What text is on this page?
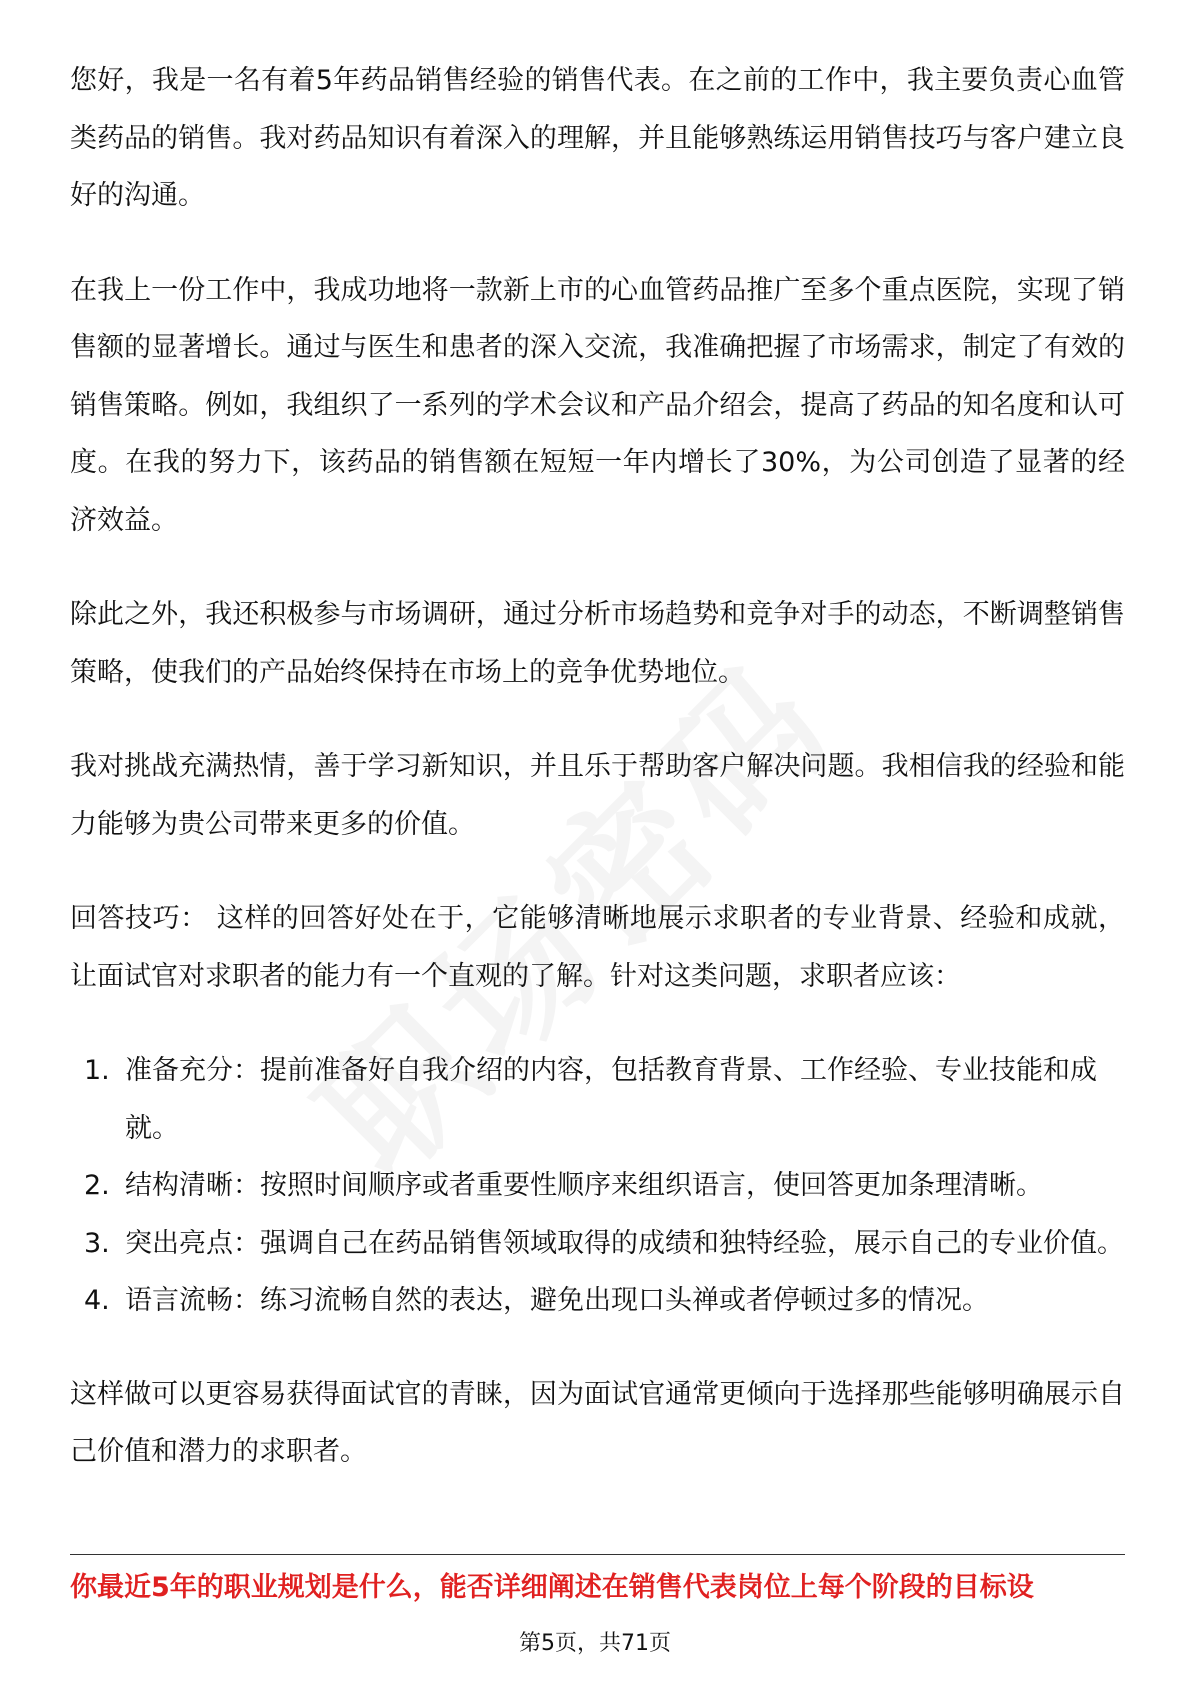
您好，我是一名有着5年药品销售经验的销售代表。在之前的工作中，我主要负责心血管类药品的销售。我对药品知识有着深入的理解，并且能够熟练运用销售技巧与客户建立良好的沟通。

在我上一份工作中，我成功地将一款新上市的心血管药品推广至多个重点医院，实现了销售额的显著增长。通过与医生和患者的深入交流，我准确把握了市场需求，制定了有效的销售策略。例如，我组织了一系列的学术会议和产品介绍会，提高了药品的知名度和认可度。在我的努力下，该药品的销售额在短短一年内增长了30%，为公司创造了显著的经济效益。

除此之外，我还积极参与市场调研，通过分析市场趋势和竞争对手的动态，不断调整销售策略，使我们的产品始终保持在市场上的竞争优势地位。

我对挑战充满热情，善于学习新知识，并且乐于帮助客户解决问题。我相信我的经验和能力能够为贵公司带来更多的价值。

回答技巧： 这样的回答好处在于，它能够清晰地展示求职者的专业背景、经验和成就，让面试官对求职者的能力有一个直观的了解。针对这类问题，求职者应该：

1. 准备充分：提前准备好自我介绍的内容，包括教育背景、工作经验、专业技能和成就。
2. 结构清晰：按照时间顺序或者重要性顺序来组织语言，使回答更加条理清晰。
3. 突出亮点：强调自己在药品销售领域取得的成绩和独特经验，展示自己的专业价值。
4. 语言流畅：练习流畅自然的表达，避免出现口头禅或者停顿过多的情况。

这样做可以更容易获得面试官的青睐，因为面试官通常更倾向于选择那些能够明确展示自己价值和潜力的求职者。

你最近5年的职业规划是什么，能否详细阐述在销售代表岗位上每个阶段的目标设
第5页，共71页
